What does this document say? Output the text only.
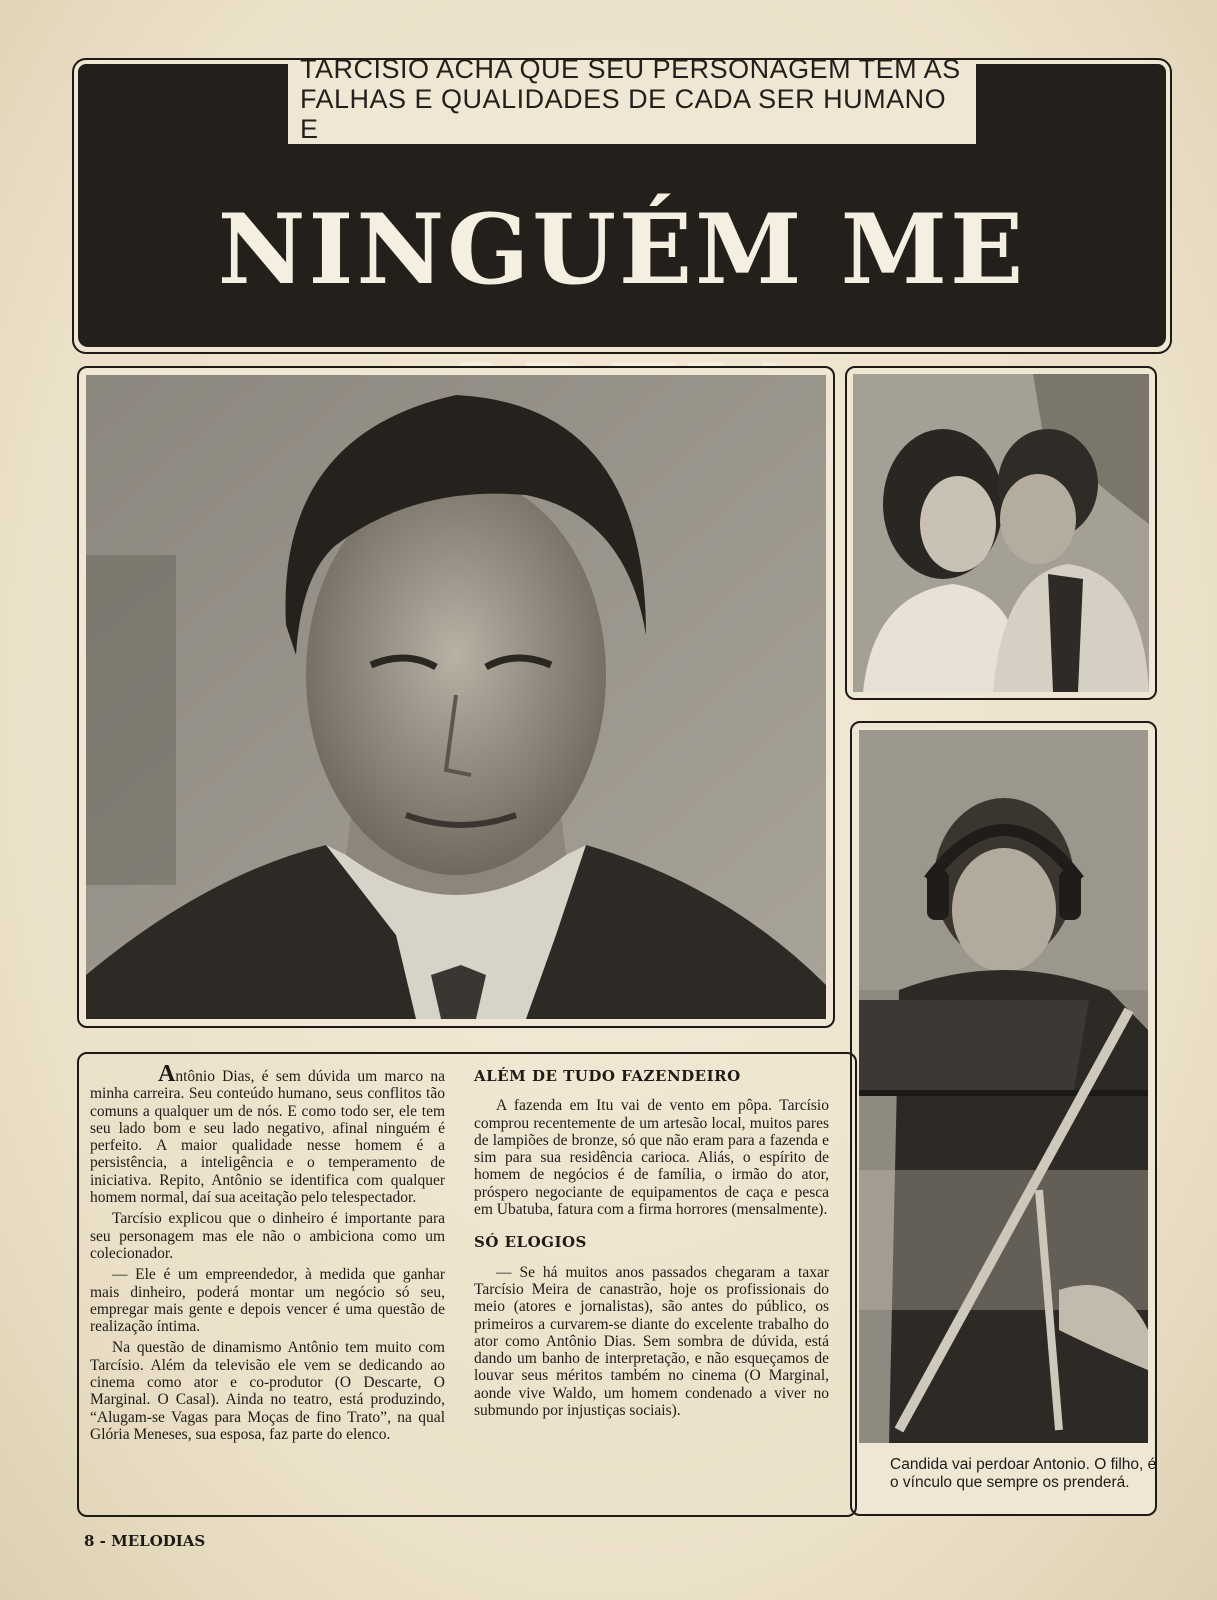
TARCISIO ACHA QUE SEU PERSONAGEM TEM AS
FALHAS E QUALIDADES DE CADA SER HUMANO E
AFIRMA, EM “ESCALADA”:
NINGUÉM ME

Antônio Dias, é sem dúvida um marco na minha carreira. Seu conteúdo humano, seus conflitos tão comuns a qualquer um de nós. E como todo ser, ele tem seu lado bom e seu lado negativo, afinal ninguém é perfeito. A maior qualidade nesse homem é a persistência, a inteligência e o temperamento de iniciativa. Repito, Antônio se identifica com qualquer homem normal, daí sua aceitação pelo telespectador.

Tarcísio explicou que o dinheiro é importante para seu personagem mas ele não o ambiciona como um colecionador.

— Ele é um empreendedor, à medida que ganhar mais dinheiro, poderá montar um negócio só seu, empregar mais gente e depois vencer é uma questão de realização íntima.

Na questão de dinamismo Antônio tem muito com Tarcísio. Além da televisão ele vem se dedicando ao cinema como ator e co-produtor (O Descarte, O Marginal. O Casal). Ainda no teatro, está produzindo, “Alugam-se Vagas para Moças de fino Trato”, na qual Glória Meneses, sua esposa, faz parte do elenco.

ALÉM DE TUDO FAZENDEIRO

A fazenda em Itu vai de vento em pôpa. Tarcísio comprou recentemente de um artesão local, muitos pares de lampiões de bronze, só que não eram para a fazenda e sim para sua residência carioca. Aliás, o espírito de homem de negócios é de família, o irmão do ator, próspero negociante de equipamentos de caça e pesca em Ubatuba, fatura com a firma horrores (mensalmente).

SÓ ELOGIOS

— Se há muitos anos passados chegaram a taxar Tarcísio Meira de canastrão, hoje os profissionais do meio (atores e jornalistas), são antes do público, os primeiros a curvarem-se diante do excelente trabalho do ator como Antônio Dias. Sem sombra de dúvida, está dando um banho de interpretação, e não esqueçamos de louvar seus méritos também no cinema (O Marginal, aonde vive Waldo, um homem condenado a viver no submundo por injustiças sociais).

Candida vai perdoar Antonio. O filho, é o vínculo que sempre os prenderá.
8 - MELODIAS
